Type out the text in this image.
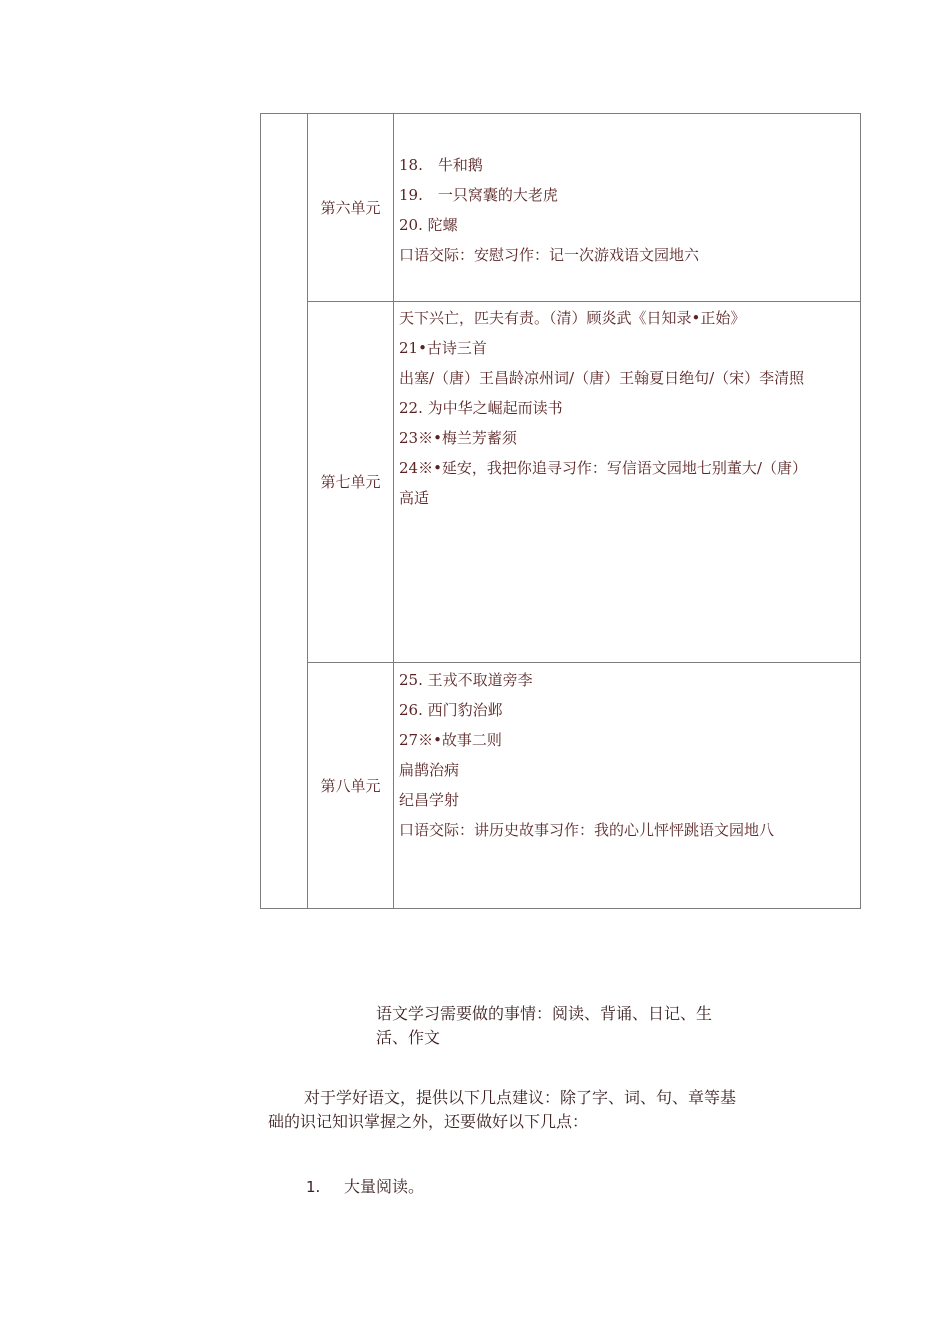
第六单元
18.　牛和鹅
19.　一只窝囊的大老虎
20. 陀螺
口语交际：安慰习作：记一次游戏语文园地六
第七单元
天下兴亡，匹夫有责。（清）顾炎武《日知录•正始》
21•古诗三首
出塞/（唐）王昌龄凉州词/（唐）王翰夏日绝句/（宋）李清照
22. 为中华之崛起而读书
23※•梅兰芳蓄须
24※•延安，我把你追寻习作：写信语文园地七别董大/（唐）高适
第八单元
25. 王戎不取道旁李
26. 西门豹治邺
27※•故事二则
扁鹊治病
纪昌学射
口语交际：讲历史故事习作：我的心儿怦怦跳语文园地八
语文学习需要做的事情：阅读、背诵、日记、生活、作文
对于学好语文，提供以下几点建议：除了字、词、句、章等基础的识记知识掌握之外，还要做好以下几点：
1. 大量阅读。
